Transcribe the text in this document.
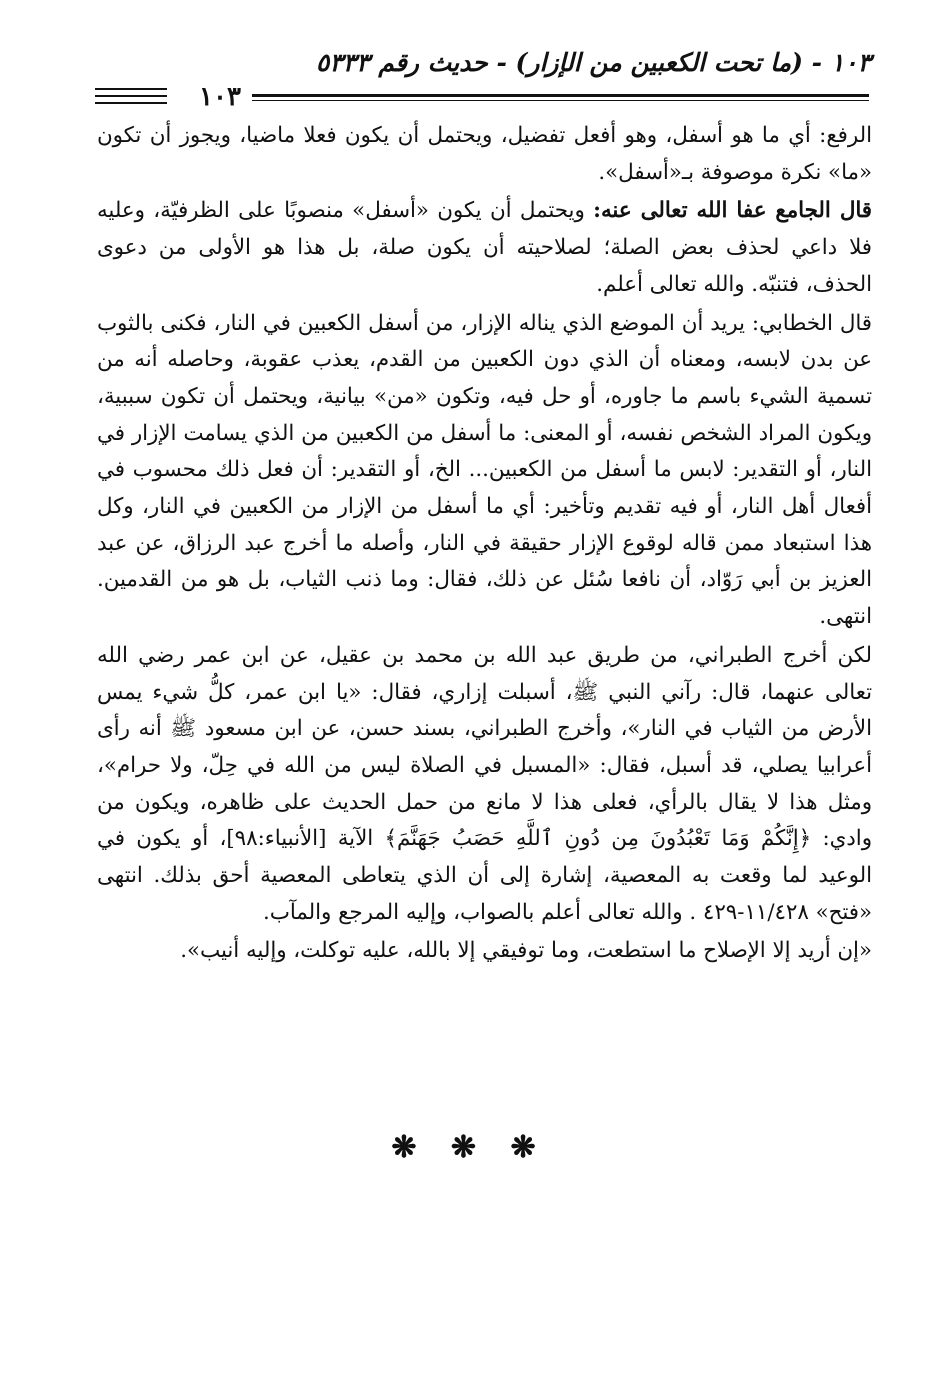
١٠٣ - (ما تحت الكعبين من الإزار) - حديث رقم ٥٣٣٣
١٠٣

الرفع: أي ما هو أسفل، وهو أفعل تفضيل، ويحتمل أن يكون فعلا ماضيا، ويجوز أن تكون «ما» نكرة موصوفة بـ«أسفل».

قال الجامع عفا الله تعالى عنه: ويحتمل أن يكون «أسفل» منصوبًا على الظرفيّة، وعليه فلا داعي لحذف بعض الصلة؛ لصلاحيته أن يكون صلة، بل هذا هو الأولى من دعوى الحذف، فتنبّه. والله تعالى أعلم.

قال الخطابي: يريد أن الموضع الذي يناله الإزار، من أسفل الكعبين في النار، فكنى بالثوب عن بدن لابسه، ومعناه أن الذي دون الكعبين من القدم، يعذب عقوبة، وحاصله أنه من تسمية الشيء باسم ما جاوره، أو حل فيه، وتكون «من» بيانية، ويحتمل أن تكون سببية، ويكون المراد الشخص نفسه، أو المعنى: ما أسفل من الكعبين من الذي يسامت الإزار في النار، أو التقدير: لابس ما أسفل من الكعبين... الخ، أو التقدير: أن فعل ذلك محسوب في أفعال أهل النار، أو فيه تقديم وتأخير: أي ما أسفل من الإزار من الكعبين في النار، وكل هذا استبعاد ممن قاله لوقوع الإزار حقيقة في النار، وأصله ما أخرج عبد الرزاق، عن عبد العزيز بن أبي رَوّاد، أن نافعا سُئل عن ذلك، فقال: وما ذنب الثياب، بل هو من القدمين. انتهى.

لكن أخرج الطبراني، من طريق عبد الله بن محمد بن عقيل، عن ابن عمر رضي الله تعالى عنهما، قال: رآني النبي ﷺ، أسبلت إزاري، فقال: «يا ابن عمر، كلُّ شيء يمس الأرض من الثياب في النار»، وأخرج الطبراني، بسند حسن، عن ابن مسعود ﷺ أنه رأى أعرابيا يصلي، قد أسبل، فقال: «المسبل في الصلاة ليس من الله في حِلّ، ولا حرام»، ومثل هذا لا يقال بالرأي، فعلى هذا لا مانع من حمل الحديث على ظاهره، ويكون من وادي: ﴿إِنَّكُمْ وَمَا تَعْبُدُونَ مِن دُونِ ٱللَّهِ حَصَبُ جَهَنَّمَ﴾ الآية [الأنبياء:٩٨]، أو يكون في الوعيد لما وقعت به المعصية، إشارة إلى أن الذي يتعاطى المعصية أحق بذلك. انتهى «فتح» ١١/٤٢٨-٤٢٩ . والله تعالى أعلم بالصواب، وإليه المرجع والمآب.

«إن أريد إلا الإصلاح ما استطعت، وما توفيقي إلا بالله، عليه توكلت، وإليه أنيب».

❋ ❋ ❋
